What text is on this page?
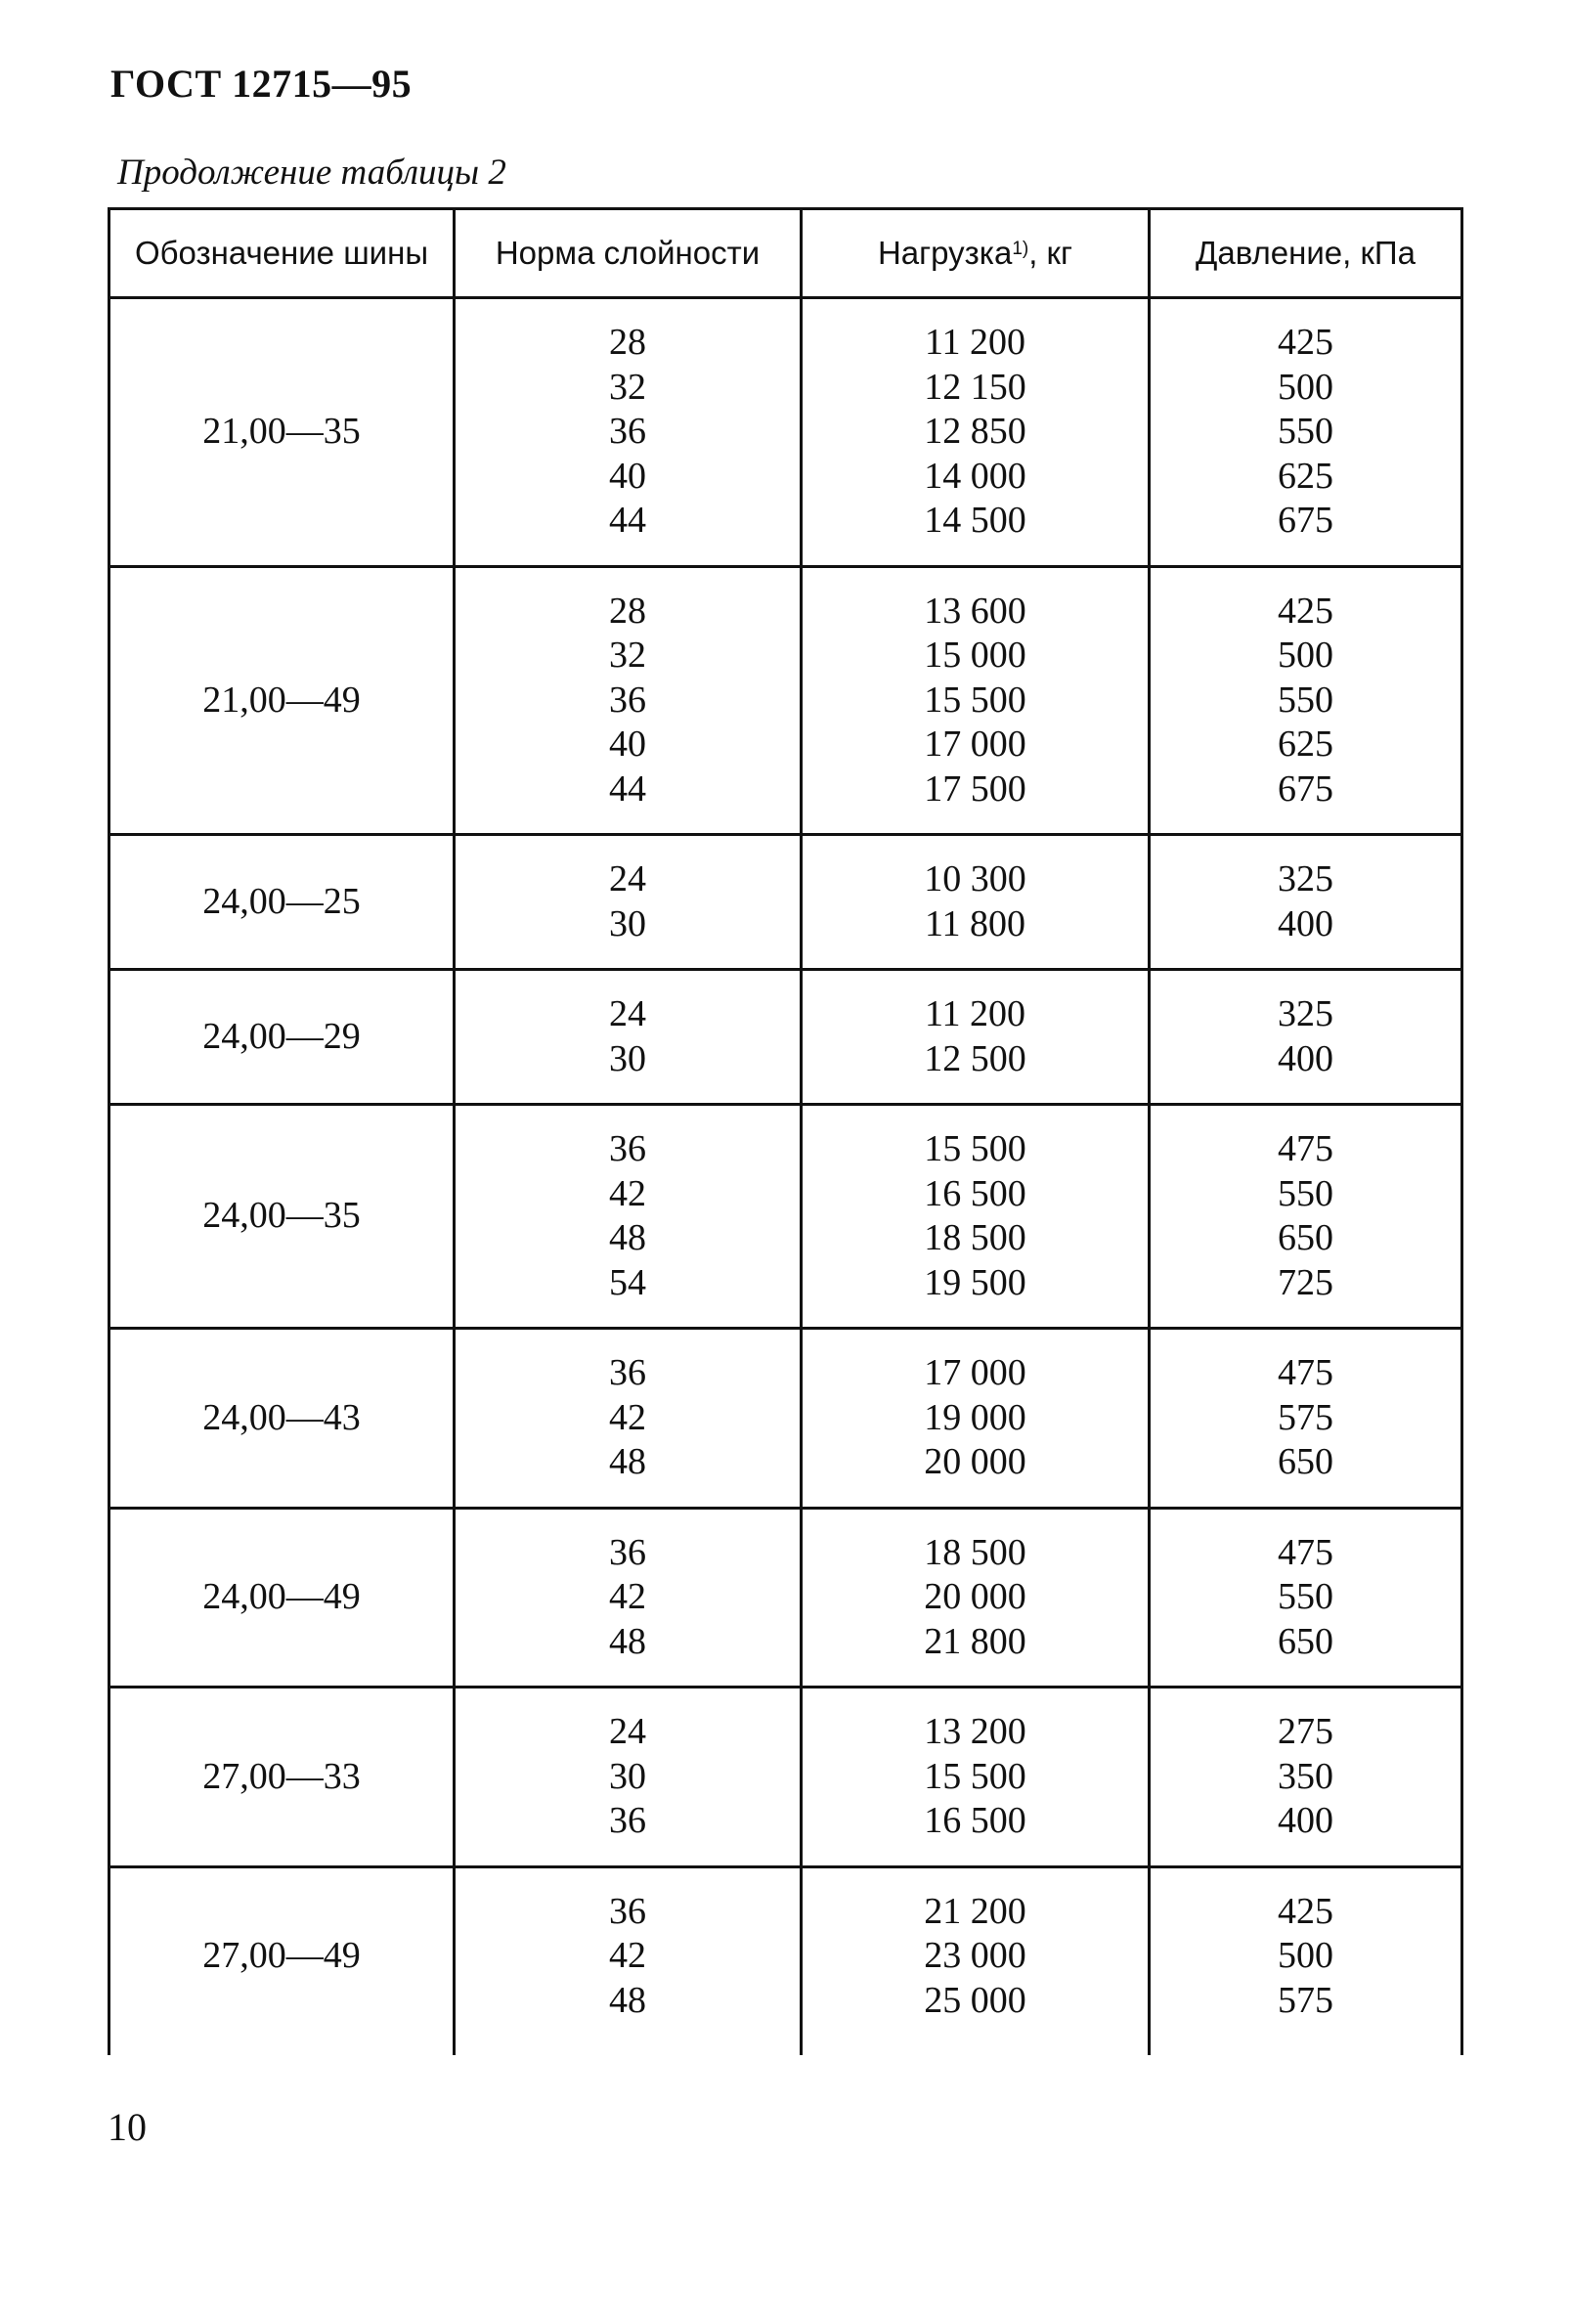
ГОСТ 12715—95
Продолжение таблицы 2
Обозначение шины Норма слойности	Нагрузка$^{1)}$ , кг	Давление, кПа
21,00—35
28
32
36
40
44
11 200
12 150
12 850
14 000
14 500
425
500
550
625
675
21,00—49
28
32
36
40
44
13 600
15 000
15 500
17 000
17 500
425
500
550
625
675
24,00—25
24
30
10 300
11 800
325
400
24,00—29
24
30
11 200
12 500
325
400
24,00—35
36
42
48
54
15 500
16 500
18 500
19 500
475
550
650
725
24,00—43
36
42
48
17 000
19 000
20 000
475
575
650
24,00—49
36
42
48
18 500
20 000
21 800
475
550
650
27,00—33
24
30
36
13 200
15 500
16 500
275
350
400
27,00—49
36
42
48
21 200
23 000
25 000
425
500
575
10
